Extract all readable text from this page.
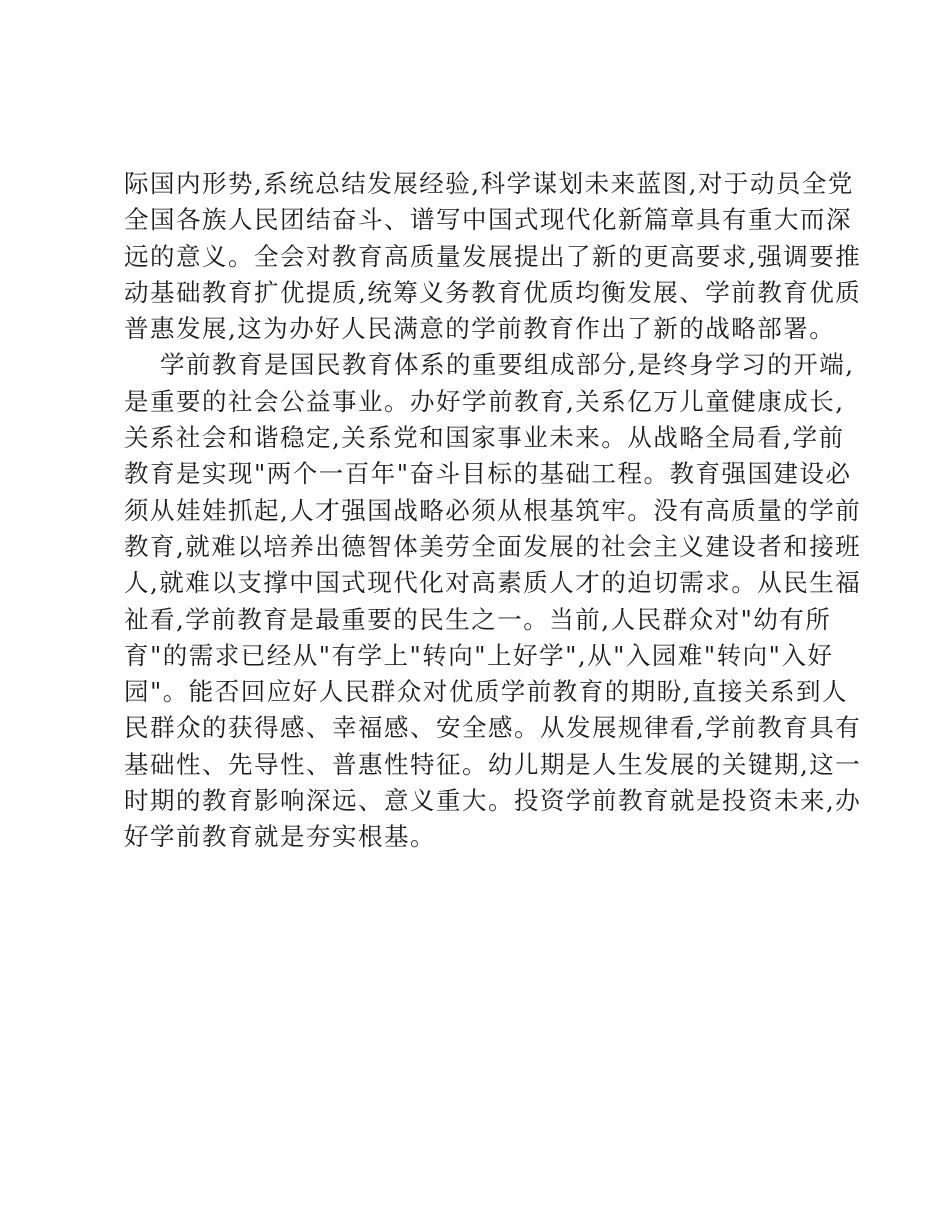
际国内形势,系统总结发展经验,科学谋划未来蓝图,对于动员全党
全国各族人民团结奋斗、谱写中国式现代化新篇章具有重大而深
远的意义。全会对教育高质量发展提出了新的更高要求,强调要推
动基础教育扩优提质,统筹义务教育优质均衡发展、学前教育优质
普惠发展,这为办好人民满意的学前教育作出了新的战略部署。
学前教育是国民教育体系的重要组成部分,是终身学习的开端,
是重要的社会公益事业。办好学前教育,关系亿万儿童健康成长,
关系社会和谐稳定,关系党和国家事业未来。从战略全局看,学前
教育是实现"两个一百年"奋斗目标的基础工程。教育强国建设必
须从娃娃抓起,人才强国战略必须从根基筑牢。没有高质量的学前
教育,就难以培养出德智体美劳全面发展的社会主义建设者和接班
人,就难以支撑中国式现代化对高素质人才的迫切需求。从民生福
祉看,学前教育是最重要的民生之一。当前,人民群众对"幼有所
育"的需求已经从"有学上"转向"上好学",从"入园难"转向"入好
园"。能否回应好人民群众对优质学前教育的期盼,直接关系到人
民群众的获得感、幸福感、安全感。从发展规律看,学前教育具有
基础性、先导性、普惠性特征。幼儿期是人生发展的关键期,这一
时期的教育影响深远、意义重大。投资学前教育就是投资未来,办
好学前教育就是夯实根基。
